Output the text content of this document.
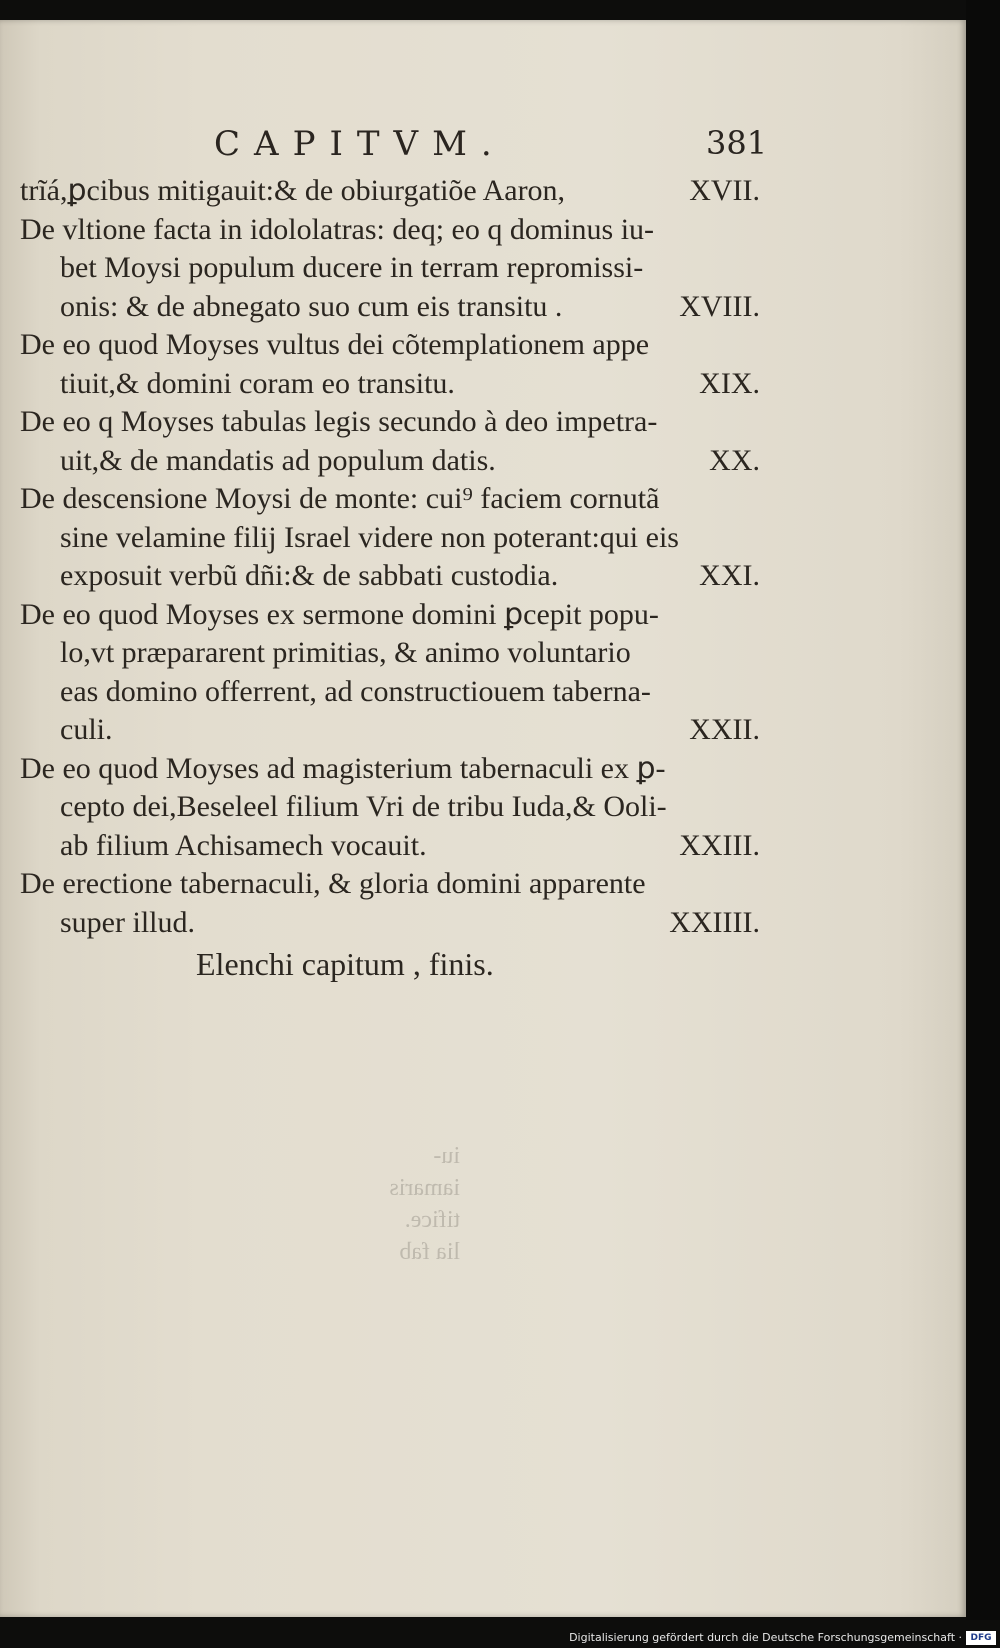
CAPITVM.	381
trĩá,ꝑcibus mitigauit:& de obiurgatiõe Aaron,	XVII.
De vltione facta in idololatras: deq; eo q dominus iu-
bet Moysi populum ducere in terram repromissi-
onis: & de abnegato suo cum eis transitu .	XVIII.
De eo quod Moyses vultus dei cõtemplationem appe
tiuit,& domini coram eo transitu.	XIX.
De eo q Moyses tabulas legis secundo à deo impetra-
uit,& de mandatis ad populum datis.	XX.
De descensione Moysi de monte: cui⁹ faciem cornutã
sine velamine filij Israel videre non poterant:qui eis
exposuit verbũ dñi:& de sabbati custodia.	XXI.
De eo quod Moyses ex sermone domini ꝑcepit popu-
lo,vt præpararent primitias, & animo voluntario
eas domino offerrent, ad constructiouem taberna-
culi.	XXII.
De eo quod Moyses ad magisterium tabernaculi ex ꝑ-
cepto dei,Beseleel filium Vri de tribu Iuda,& Ooli-
ab filium Achisamech vocauit.	XXIII.
De erectione tabernaculi, & gloria domini apparente
super illud.	XXIIII.
Elenchi capitum , finis.
iu-
iamaris
tifice.
lia fab
Digitalisierung gefördert durch die Deutsche Forschungsgemeinschaft · DFG
